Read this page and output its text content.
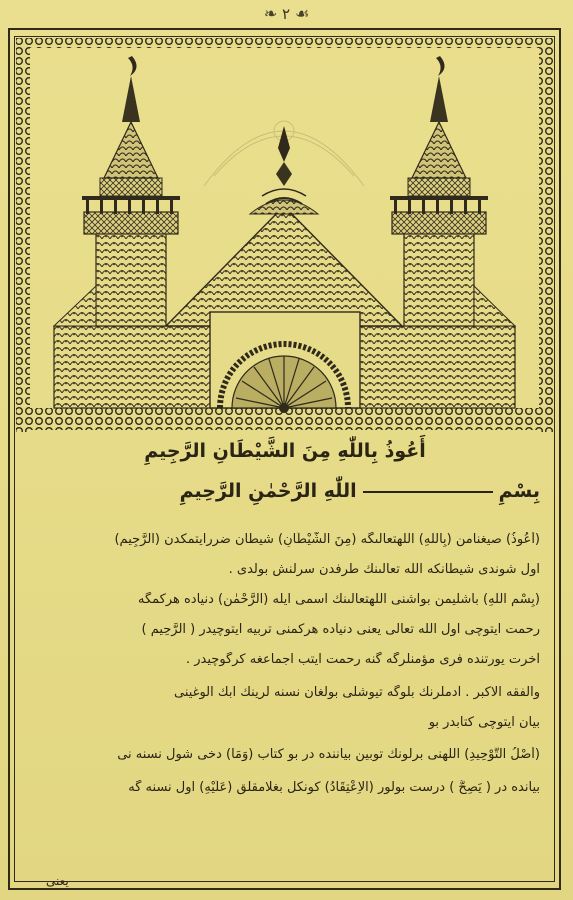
❧ ٢ ☙
أَعُوذُ بِاللّٰهِ مِنَ الشَّيْطَانِ الرَّجِيمِ
بِسْمِاللّٰهِ الرَّحْمٰنِ الرَّحِيمِ
(أَعُوذُ) صيغنامن (بِاللّٰهِ) اللهتعالىگه (مِنَ الشَّيْطَانِ) شيطان ضررايتمكدن (الرَّجِيمِ)
اول شوندى شيطانكه الله تعالىنك طرفدن سرلنش بولدى .
(بِسْمِ اللّٰهِ) باشليمن بواشنى اللهتعالىنك اسمى ايله (الرَّحْمٰنِ) دنياده هركمگه
رحمت ايتوچى اول الله تعالى يعنى دنياده هركمنى تربيه ايتوچيدر ( الرَّحِيمِ )
آخرت يورتنده فرى مؤمنلرگه گنه رحمت ايتب اجماعغه كرگوچيدر .
والفقه الاكبر . آدملرنك بلوگه تيوشلى بولغان نسنه لرينك ابك الوغينى
بيان ايتوچى كتابدر بو
(أَصْلُ التَّوْحِيدِ) اللهنى برلونك توبين بياننده در بو كتاب (وَمَا) دخى شول نسنه نى
بيانده در ( يَصِحُّ ) درست بولور (الْاِعْتِقَادُ) كونكل بغلامقلق (عَلَيْهِ) اول نسنه گه
يعنى
